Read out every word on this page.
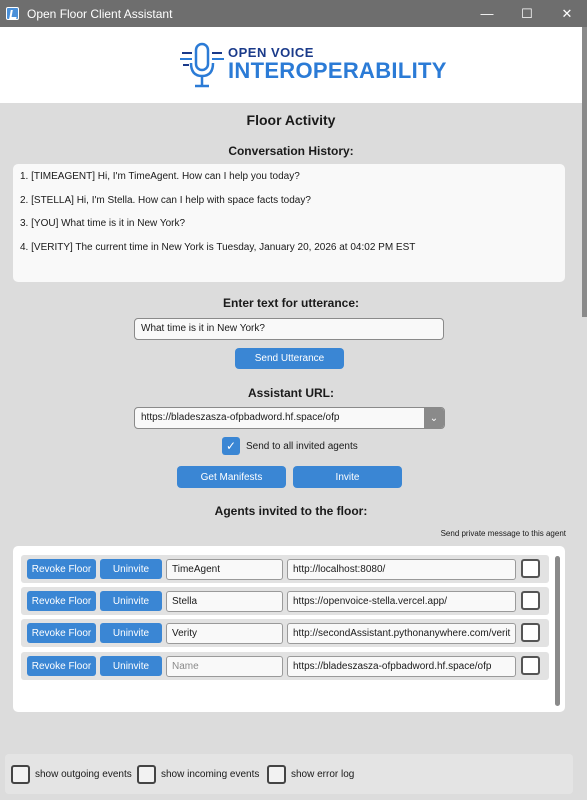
Open Floor Client Assistant	—	☐	✕
OPEN VOICE
INTEROPERABILITY
Floor Activity
Conversation History:
1. [TIMEAGENT] Hi, I'm TimeAgent. How can I help you today?
2. [STELLA] Hi, I'm Stella. How can I help with space facts today?
3. [YOU] What time is it in New York?
4. [VERITY] The current time in New York is Tuesday, January 20, 2026 at 04:02 PM EST
Enter text for utterance:
What time is it in New York?
Send Utterance
Assistant URL:
https://bladeszasza-ofpbadword.hf.space/ofp	⌄
✓ Send to all invited agents
Get Manifests	Invite
Agents invited to the floor:
Send private message to this agent
Revoke Floor	Uninvite	TimeAgent	http://localhost:8080/
Revoke Floor	Uninvite	Stella	https://openvoice-stella.vercel.app/
Revoke Floor	Uninvite	Verity	http://secondAssistant.pythonanywhere.com/verit
Revoke Floor	Uninvite	Name	https://bladeszasza-ofpbadword.hf.space/ofp
show outgoing events	show incoming events	show error log
